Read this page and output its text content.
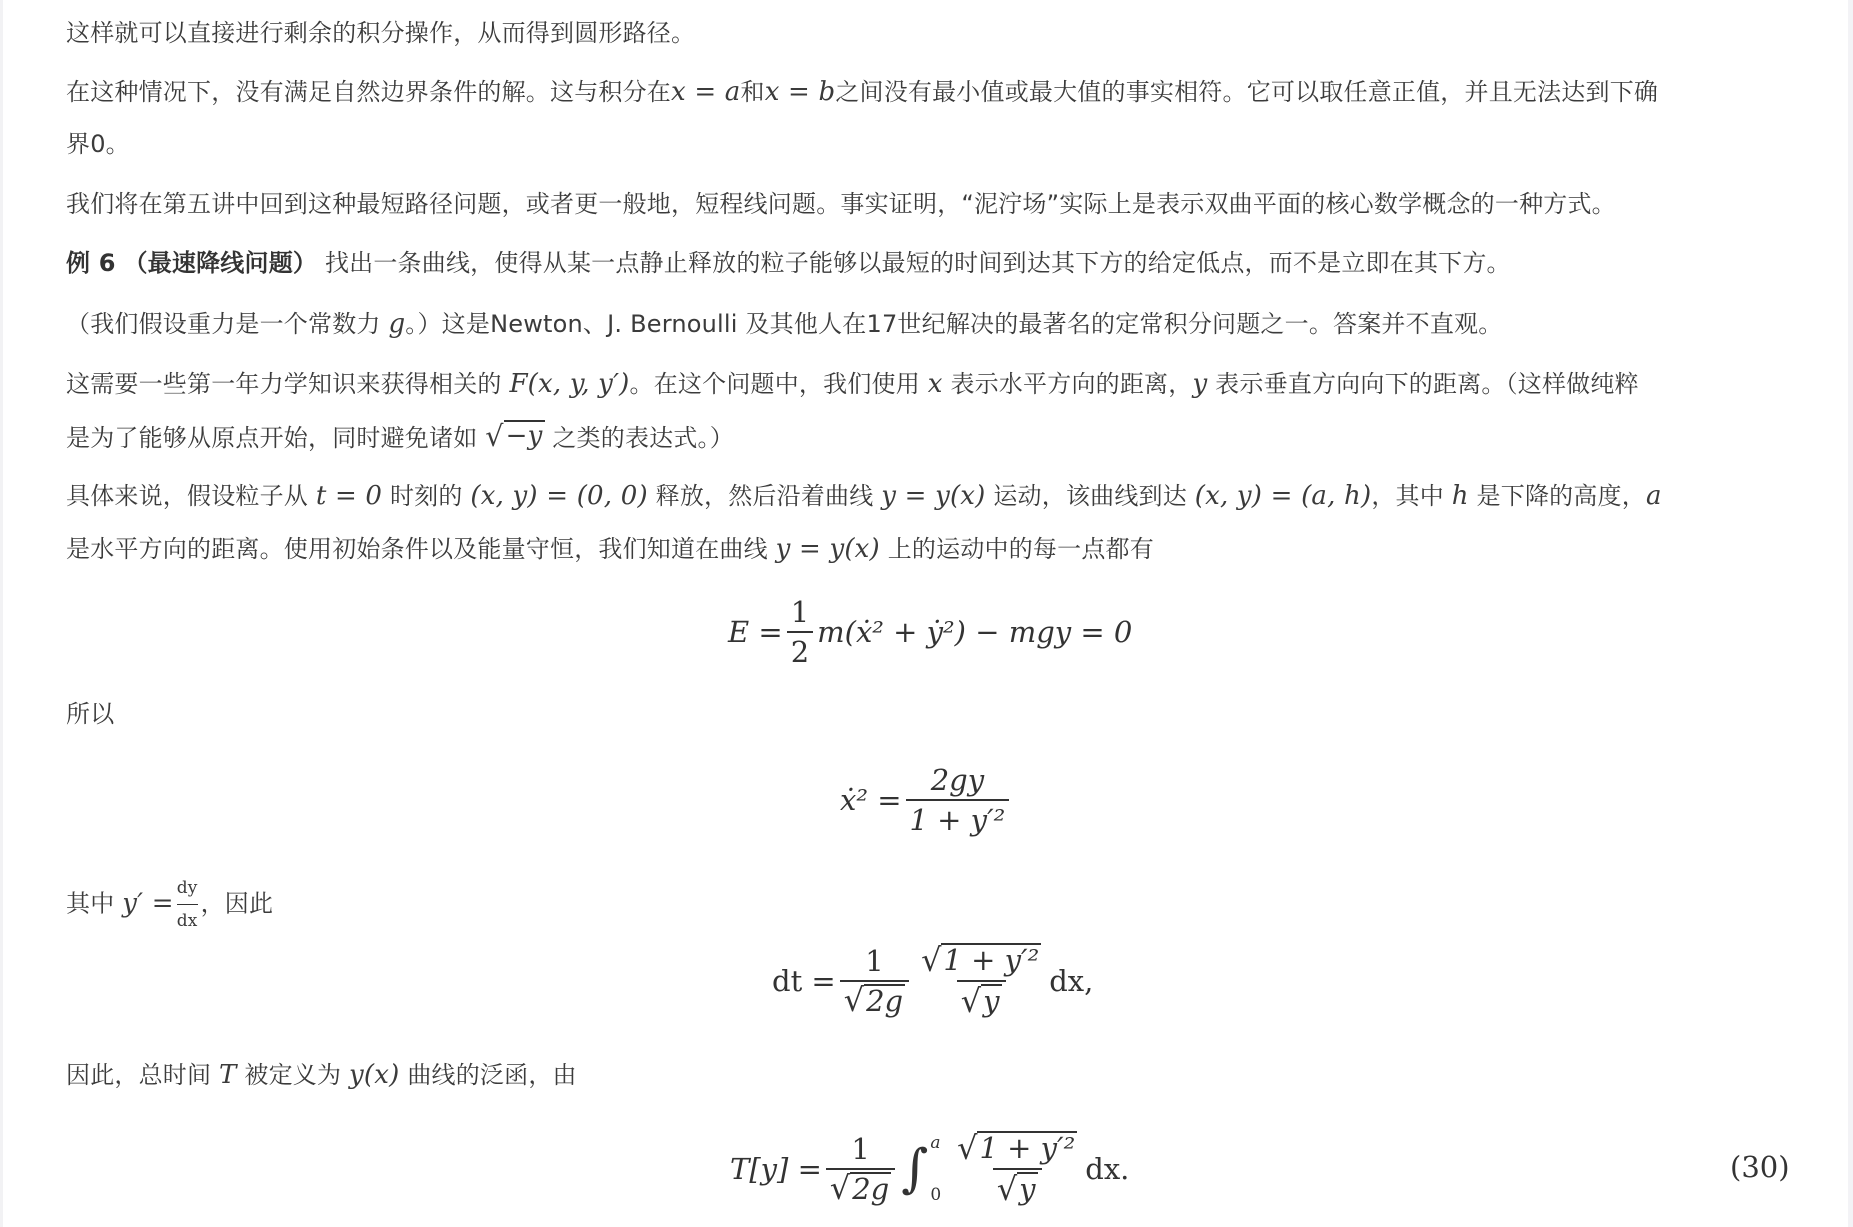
这样就可以直接进行剩余的积分操作，从而得到圆形路径。
在这种情况下，没有满足自然边界条件的解。这与积分在x = a和x = b之间没有最小值或最大值的事实相符。它可以取任意正值，并且无法达到下确
界0。
我们将在第五讲中回到这种最短路径问题，或者更一般地，短程线问题。事实证明，“泥泞场”实际上是表示双曲平面的核心数学概念的一种方式。
例 6 （最速降线问题） 找出一条曲线，使得从某一点静止释放的粒子能够以最短的时间到达其下方的给定低点，而不是立即在其下方。
（我们假设重力是一个常数力 g。）这是Newton、J. Bernoulli 及其他人在17世纪解决的最著名的定常积分问题之一。答案并不直观。
这需要一些第一年力学知识来获得相关的 F(x, y, y′)。在这个问题中，我们使用 x 表示水平方向的距离，y 表示垂直方向向下的距离。（这样做纯粹
是为了能够从原点开始，同时避免诸如 √ −y 之类的表达式。）
具体来说，假设粒子从 t = 0 时刻的 (x, y) = (0, 0) 释放，然后沿着曲线 y = y(x) 运动，该曲线到达 (x, y) = (a, h)，其中 h 是下降的高度，a
是水平方向的距离。使用初始条件以及能量守恒，我们知道在曲线 y = y(x) 上的运动中的每一点都有
所以
其中 $y' = \frac{dy}{dx}$ ，因此
因此，总时间 T 被定义为 y(x) 曲线的泛函，由
$E = \frac{1}{2}$ m(ẋ² + ẏ²) − mgy = 0
ẋ² = $\frac{2gy}{\text{1 + y′²}}$
dt = $\frac{1}{√ 2g} \frac{\text{√ 1 + y′²}}{√ y}$ dx,
$T[y] = \frac{1}{√ 2g}$ ∫ a
$0 \frac{\text{√ 1 + y′²}}{√ y}$ dx.	(30)
